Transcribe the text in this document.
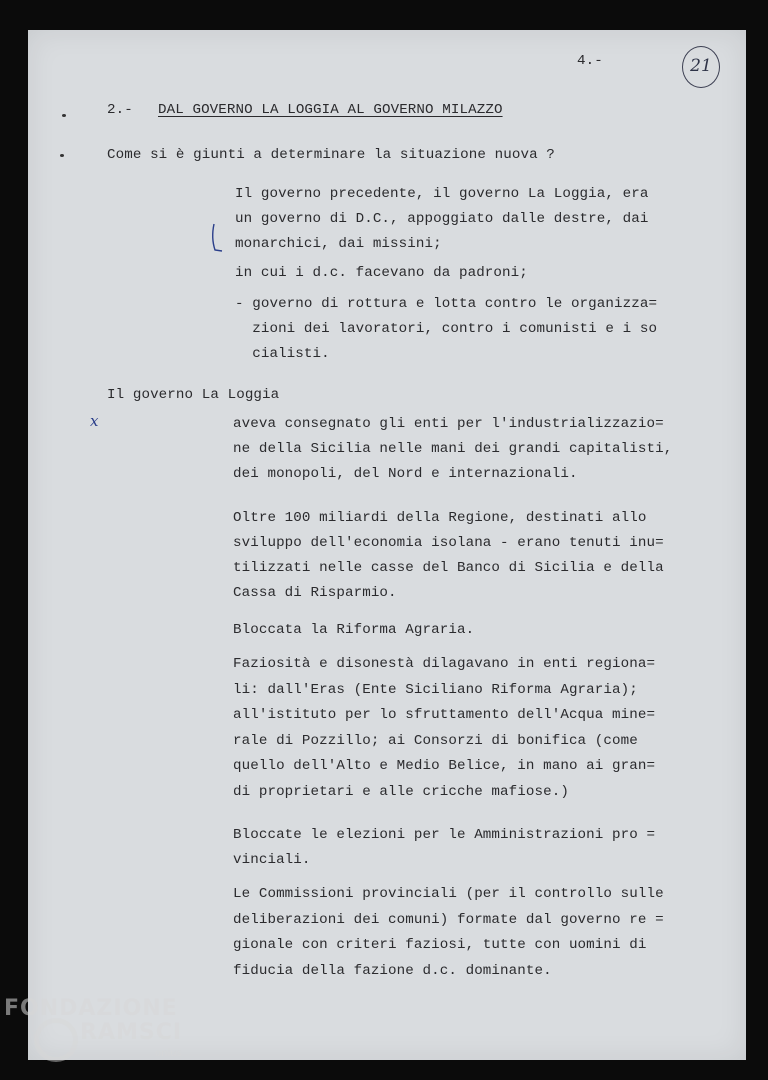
4.-	21
2.- DAL GOVERNO LA LOGGIA AL GOVERNO MILAZZO
Come si è giunti a determinare la situazione nuova ?
Il governo precedente, il governo La Loggia, era
un governo di D.C., appoggiato dalle destre, dai
monarchici, dai missini;
in cui i d.c. facevano da padroni;
- governo di rottura e lotta contro le organizza=
zioni dei lavoratori, contro i comunisti e i so
cialisti.
Il governo La Loggia
x	aveva consegnato gli enti per l'industrializzazio=
ne della Sicilia nelle mani dei grandi capitalisti,
dei monopoli, del Nord e internazionali.
Oltre 100 miliardi della Regione, destinati allo
sviluppo dell'economia isolana - erano tenuti inu=
tilizzati nelle casse del Banco di Sicilia e della
Cassa di Risparmio.
Bloccata la Riforma Agraria.
Faziosità e disonestà dilagavano in enti regiona=
li: dall'Eras (Ente Siciliano Riforma Agraria);
all'istituto per lo sfruttamento dell'Acqua mine=
rale di Pozzillo; ai Consorzi di bonifica (come
quello dell'Alto e Medio Belice, in mano ai gran=
di proprietari e alle cricche mafiose.)
Bloccate le elezioni per le Amministrazioni pro =
vinciali.
Le Commissioni provinciali (per il controllo sulle
deliberazioni dei comuni) formate dal governo re =
gionale con criteri faziosi, tutte con uomini di
fiducia della fazione d.c. dominante.
FONDAZIONE
RAMSCI
onlus
